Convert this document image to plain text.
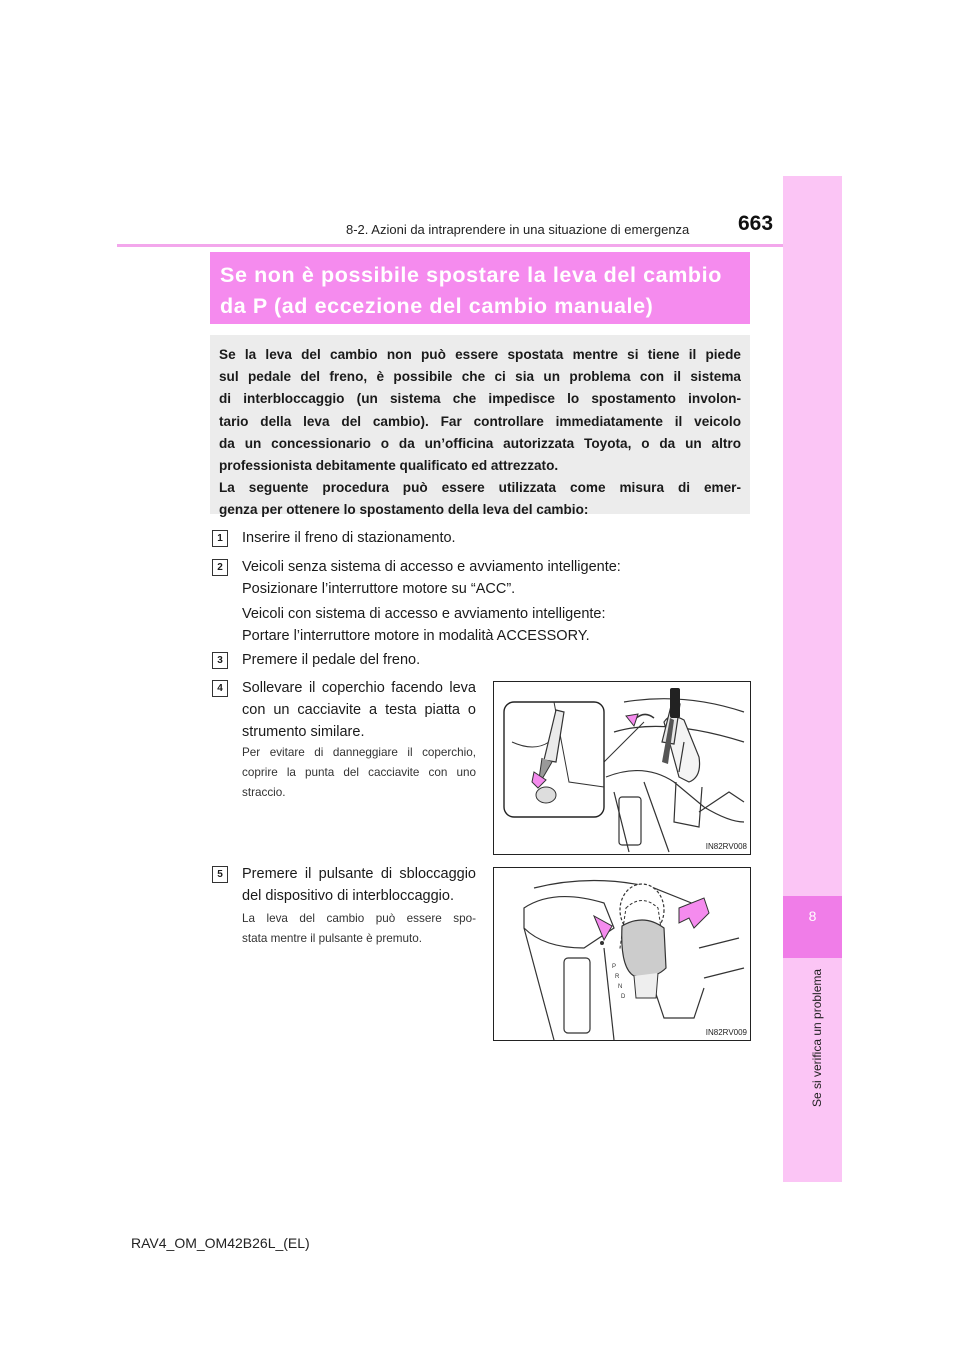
8
Se si verifica un problema
8-2. Azioni da intraprendere in una situazione di emergenza 663
Se non è possibile spostare la leva del cambio
da P (ad eccezione del cambio manuale)
Se la leva del cambio non può essere spostata mentre si tiene il piede
sul pedale del freno, è possibile che ci sia un problema con il sistema
di interbloccaggio (un sistema che impedisce lo spostamento involon-
tario della leva del cambio). Far controllare immediatamente il veicolo
da un concessionario o da un’officina autorizzata Toyota, o da un altro
professionista debitamente qualificato ed attrezzato.
La seguente procedura può essere utilizzata come misura di emer-
genza per ottenere lo spostamento della leva del cambio:
1	Inserire il freno di stazionamento.
2	Veicoli senza sistema di accesso e avviamento intelligente:
Posizionare l’interruttore motore su “ACC”.
Veicoli con sistema di accesso e avviamento intelligente:
Portare l’interruttore motore in modalità ACCESSORY.
3	Premere il pedale del freno.
4	Sollevare il coperchio facendo leva
con un cacciavite a testa piatta o
strumento similare.
Per evitare di danneggiare il coperchio,
coprire la punta del cacciavite con uno
straccio.
IN82RV008
5	Premere il pulsante di sbloccaggio
del dispositivo di interbloccaggio.
La leva del cambio può essere spo-
stata mentre il pulsante è premuto.
P
R
N
D
IN82RV009
RAV4_OM_OM42B26L_(EL)
